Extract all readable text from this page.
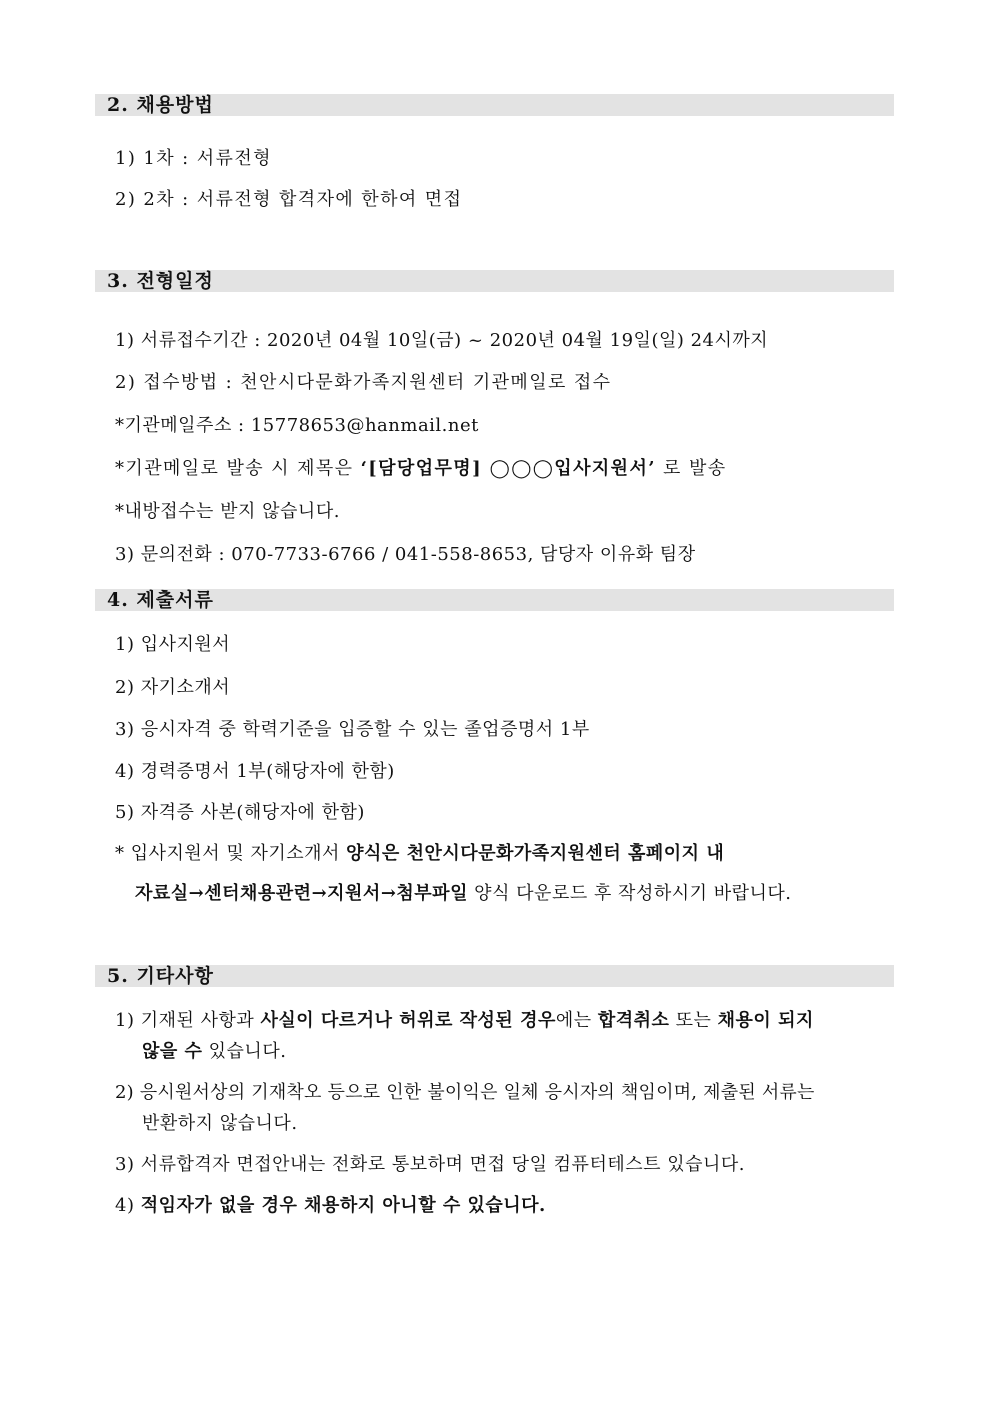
2. 채용방법
1) 1차 : 서류전형
2) 2차 : 서류전형 합격자에 한하여 면접
3. 전형일정
1) 서류접수기간 : 2020년 04월 10일(금) ~ 2020년 04월 19일(일) 24시까지
2) 접수방법 : 천안시다문화가족지원센터 기관메일로 접수
*기관메일주소 : 15778653@hanmail.net
*기관메일로 발송 시 제목은 ‘[담당업무명] ◯◯◯입사지원서’ 로 발송
*내방접수는 받지 않습니다.
3) 문의전화 : 070-7733-6766 / 041-558-8653, 담당자 이유화 팀장
4. 제출서류
1) 입사지원서
2) 자기소개서
3) 응시자격 중 학력기준을 입증할 수 있는 졸업증명서 1부
4) 경력증명서 1부(해당자에 한함)
5) 자격증 사본(해당자에 한함)
* 입사지원서 및 자기소개서 양식은 천안시다문화가족지원센터 홈페이지 내
자료실→센터채용관련→지원서→첨부파일 양식 다운로드 후 작성하시기 바랍니다.
5. 기타사항
1) 기재된 사항과 사실이 다르거나 허위로 작성된 경우에는 합격취소 또는 채용이 되지
않을 수 있습니다.
2) 응시원서상의 기재착오 등으로 인한 불이익은 일체 응시자의 책임이며, 제출된 서류는
반환하지 않습니다.
3) 서류합격자 면접안내는 전화로 통보하며 면접 당일 컴퓨터테스트 있습니다.
4) 적임자가 없을 경우 채용하지 아니할 수 있습니다.
